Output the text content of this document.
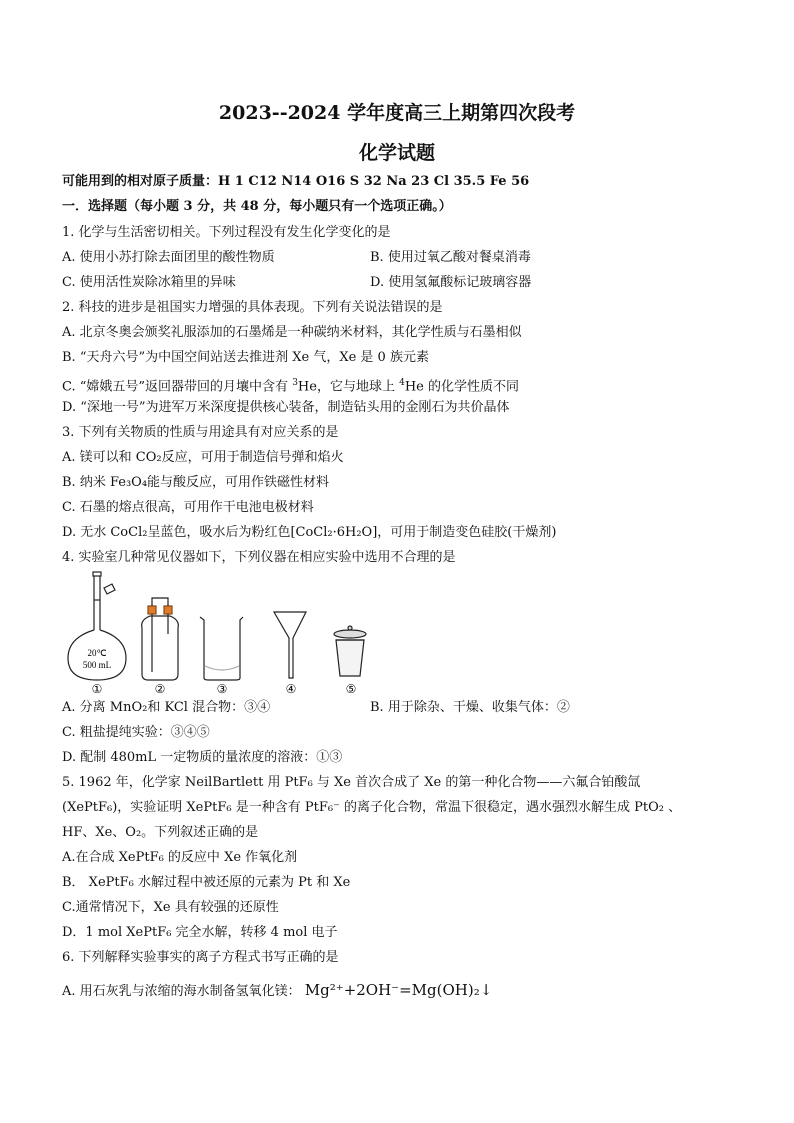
2023--2024 学年度高三上期第四次段考
化学试题
可能用到的相对原子质量：H 1 C12 N14 O16 S 32 Na 23 Cl 35.5 Fe 56
一．选择题（每小题 3 分，共 48 分，每小题只有一个选项正确。）
1. 化学与生活密切相关。下列过程没有发生化学变化的是
A. 使用小苏打除去面团里的酸性物质	B. 使用过氧乙酸对餐桌消毒
C. 使用活性炭除冰箱里的异味	D. 使用氢氟酸标记玻璃容器
2. 科技的进步是祖国实力增强的具体表现。下列有关说法错误的是
A. 北京冬奥会颁奖礼服添加的石墨烯是一种碳纳米材料，其化学性质与石墨相似
B. “天舟六号”为中国空间站送去推进剂 Xe 气，Xe 是 0 族元素
C. “嫦娥五号”返回器带回的月壤中含有 $^3$He，它与地球上 $^4$He 的化学性质不同
D. “深地一号”为进军万米深度提供核心装备，制造钻头用的金刚石为共价晶体
3. 下列有关物质的性质与用途具有对应关系的是
A. 镁可以和 CO₂反应，可用于制造信号弹和焰火
B. 纳米 Fe₃O₄能与酸反应，可用作铁磁性材料
C. 石墨的熔点很高，可用作干电池电极材料
D. 无水 CoCl₂呈蓝色，吸水后为粉红色[CoCl₂·6H₂O]，可用于制造变色硅胶(干燥剂)
4. 实验室几种常见仪器如下，下列仪器在相应实验中选用不合理的是
20℃
500 mL
①	②	③	④	⑤
A. 分离 MnO₂和 KCl 混合物：③④	B. 用于除杂、干燥、收集气体：②
C. 粗盐提纯实验：③④⑤
D. 配制 480mL 一定物质的量浓度的溶液：①③
5. 1962 年，化学家 NeilBartlett 用 PtF₆ 与 Xe 首次合成了 Xe 的第一种化合物——六氟合铂酸氙
(XePtF₆)，实验证明 XePtF₆ 是一种含有 PtF₆⁻ 的离子化合物，常温下很稳定，遇水强烈水解生成 PtO₂ 、
HF、Xe、O₂。下列叙述正确的是
A.在合成 XePtF₆ 的反应中 Xe 作氧化剂
B． XePtF₆ 水解过程中被还原的元素为 Pt 和 Xe
C.通常情况下，Xe 具有较强的还原性
D．1 mol XePtF₆ 完全水解，转移 4 mol 电子
6. 下列解释实验事实的离子方程式书写正确的是
A. 用石灰乳与浓缩的海水制备氢氧化镁： Mg²⁺+2OH⁻=Mg(OH)₂↓
